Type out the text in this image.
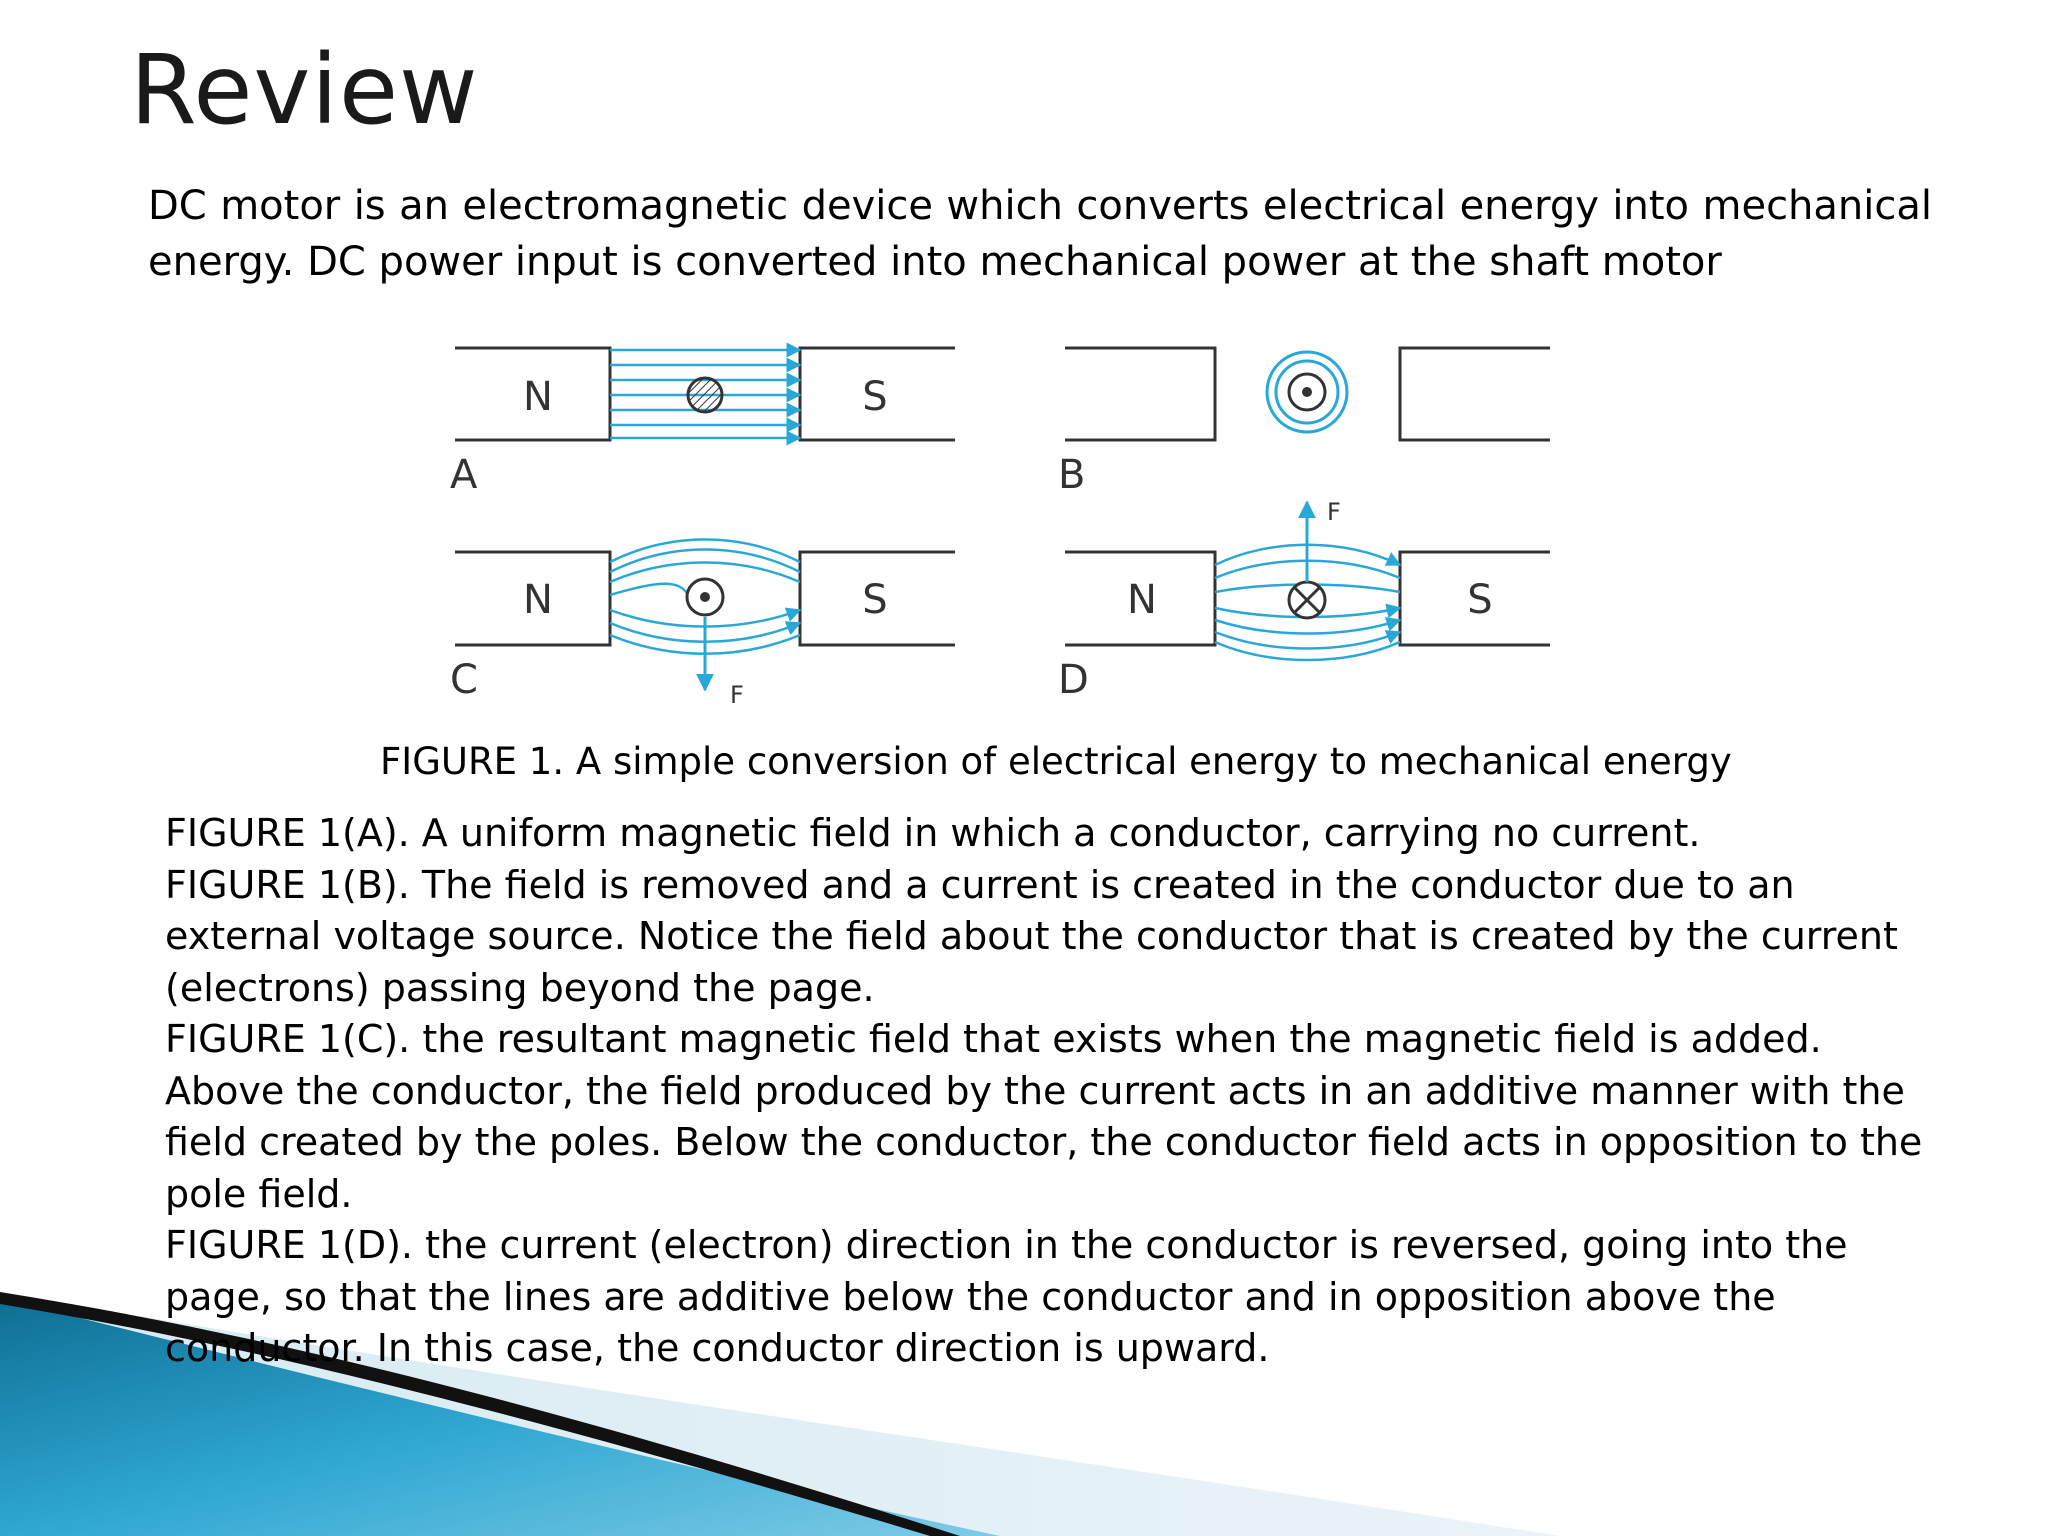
Review

DC motor is an electromagnetic device which converts electrical energy into mechanical energy. DC power input is converted into mechanical power at the shaft motor

N	S
A	B
F
N	S
C
F
N	S
D

FIGURE 1. A simple conversion of electrical energy to mechanical energy

FIGURE 1(A). A uniform magnetic field in which a conductor, carrying no current.
FIGURE 1(B). The field is removed and a current is created in the conductor due to an external voltage source. Notice the field about the conductor that is created by the current (electrons) passing beyond the page.
FIGURE 1(C). the resultant magnetic field that exists when the magnetic field is added. Above the conductor, the field produced by the current acts in an additive manner with the field created by the poles. Below the conductor, the conductor field acts in opposition to the pole field.
FIGURE 1(D). the current (electron) direction in the conductor is reversed, going into the page, so that the lines are additive below the conductor and in opposition above the conductor. In this case, the conductor direction is upward.
